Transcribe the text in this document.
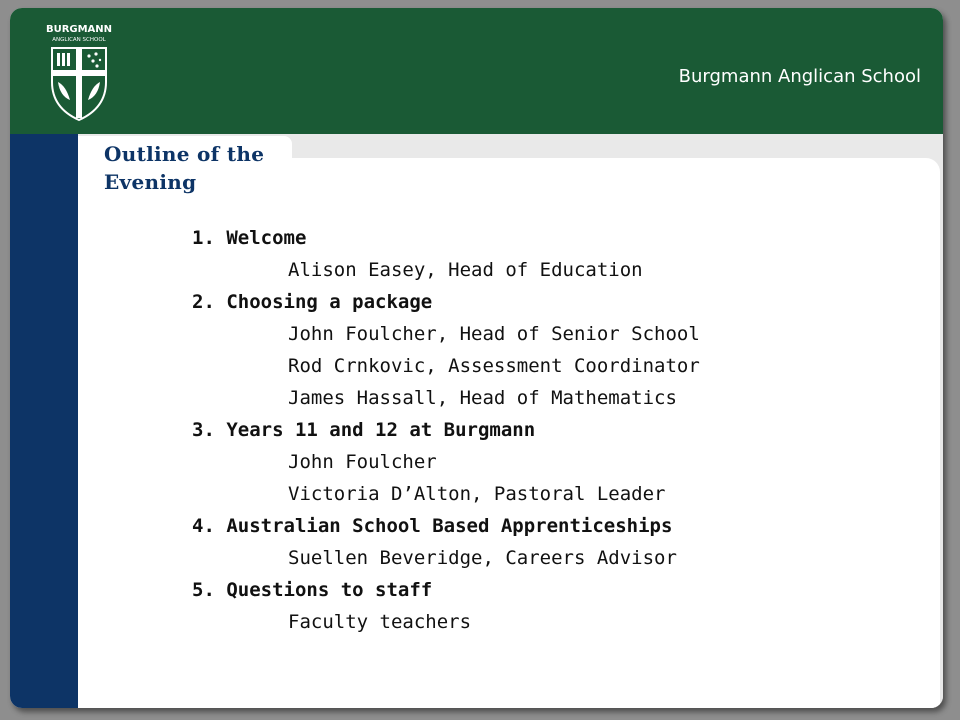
BURGMANN
ANGLICAN SCHOOL
Burgmann Anglican School
Outline of the
Evening
1. Welcome
Alison Easey, Head of Education
2. Choosing a package
John Foulcher, Head of Senior School
Rod Crnkovic, Assessment Coordinator
James Hassall, Head of Mathematics
3. Years 11 and 12 at Burgmann
John Foulcher
Victoria D’Alton, Pastoral Leader
4. Australian School Based Apprenticeships
Suellen Beveridge, Careers Advisor
5. Questions to staff
Faculty teachers
